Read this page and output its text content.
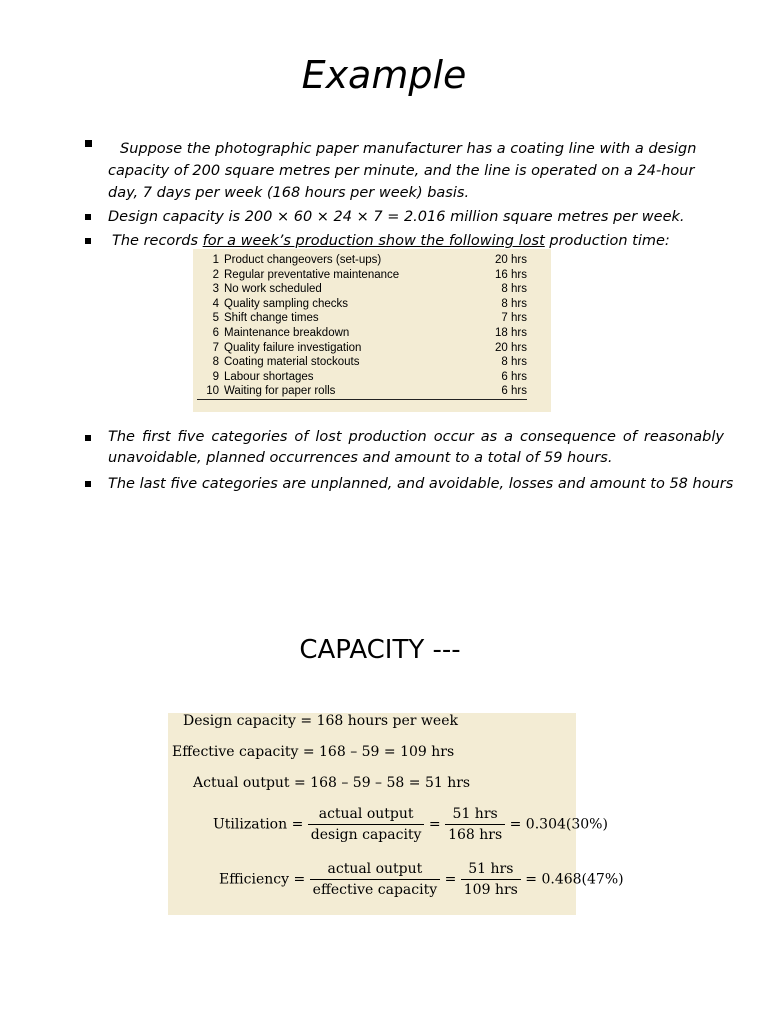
Example
Suppose the photographic paper manufacturer has a coating line with a design capacity of 200 square metres per minute, and the line is operated on a 24-hour day, 7 days per week (168 hours per week) basis.
Design capacity is 200 × 60 × 24 × 7 = 2.016 million square metres per week.
The records for a week’s production show the following lost production time:
1	Product changeovers (set-ups)	20 hrs
2	Regular preventative maintenance	16 hrs
3	No work scheduled	8 hrs
4	Quality sampling checks	8 hrs
5	Shift change times	7 hrs
6	Maintenance breakdown	18 hrs
7	Quality failure investigation	20 hrs
8	Coating material stockouts	8 hrs
9	Labour shortages	6 hrs
10	Waiting for paper rolls	6 hrs
The first five categories of lost production occur as a consequence of reasonably unavoidable, planned occurrences and amount to a total of 59 hours.
The last five categories are unplanned, and avoidable, losses and amount to 58 hours
CAPACITY ---
Design capacity = 168 hours per week
Effective capacity = 168 – 59 = 109 hrs
Actual output = 168 – 59 – 58 = 51 hrs
Utilization = $\frac{\text{actual output}}{\text{design capacity}} = \frac{\text{51 hrs}}{\text{168 hrs}} = 0.304(30\%)$
Efficiency = $\frac{\text{actual output}}{\text{effective capacity}} = \frac{\text{51 hrs}}{\text{109 hrs}} = 0.468(47\%)$
